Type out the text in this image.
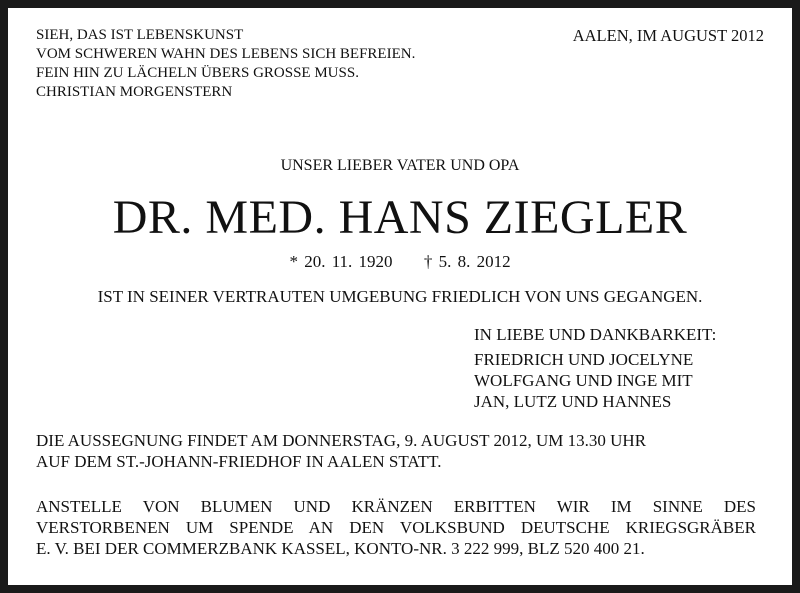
SIEH, DAS IST LEBENSKUNST
VOM SCHWEREN WAHN DES LEBENS SICH BEFREIEN.
FEIN HIN ZU LÄCHELN ÜBERS GROSSE MUSS.
CHRISTIAN MORGENSTERN
AALEN, IM AUGUST 2012
UNSER LIEBER VATER UND OPA
DR. MED. HANS ZIEGLER
* 20. 11. 1920 † 5. 8. 2012
IST IN SEINER VERTRAUTEN UMGEBUNG FRIEDLICH VON UNS GEGANGEN.
IN LIEBE UND DANKBARKEIT:
FRIEDRICH UND JOCELYNE
WOLFGANG UND INGE MIT
JAN, LUTZ UND HANNES
DIE AUSSEGNUNG FINDET AM DONNERSTAG, 9. AUGUST 2012, UM 13.30 UHR
AUF DEM ST.-JOHANN-FRIEDHOF IN AALEN STATT.
ANSTELLE VON BLUMEN UND KRÄNZEN ERBITTEN WIR IM SINNE DES
VERSTORBENEN UM SPENDE AN DEN VOLKSBUND DEUTSCHE KRIEGSGRÄBER
E. V. BEI DER COMMERZBANK KASSEL, KONTO-NR. 3 222 999, BLZ 520 400 21.
